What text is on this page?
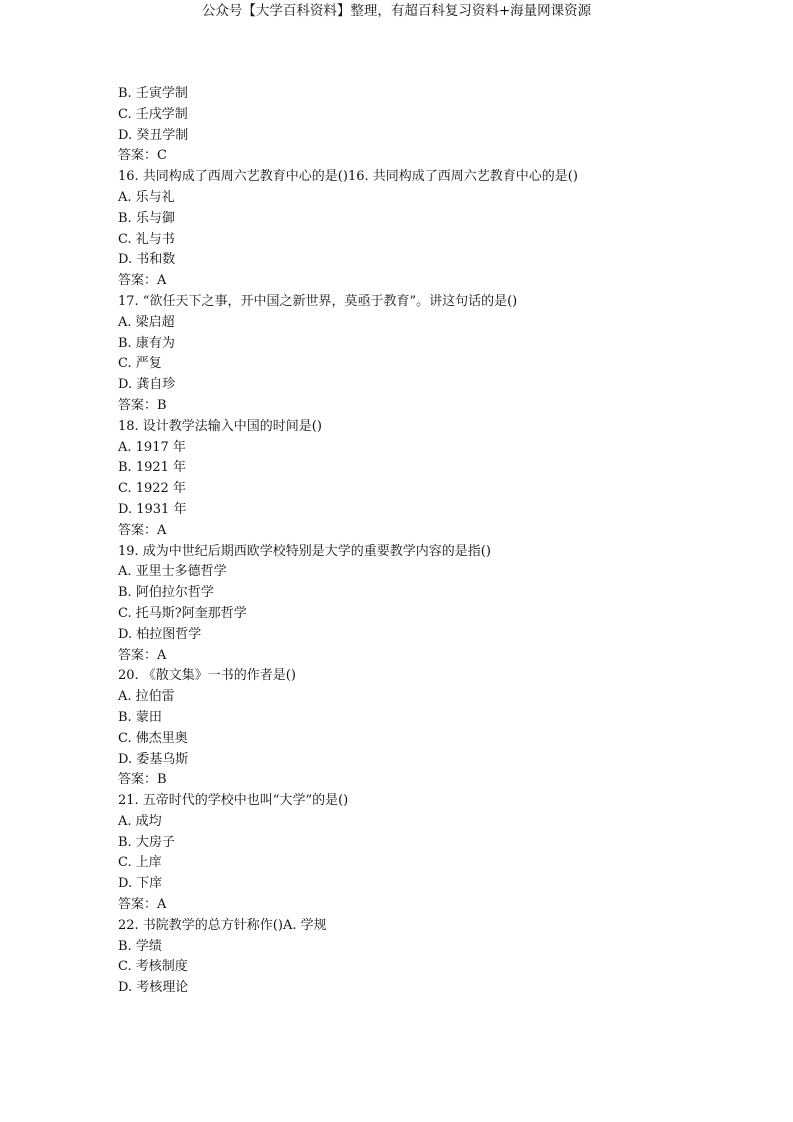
公众号【大学百科资料】整理，有超百科复习资料+海量网课资源
B. 壬寅学制
C. 壬戌学制
D. 癸丑学制
答案：C
16. 共同构成了西周六艺教育中心的是()16. 共同构成了西周六艺教育中心的是()
A. 乐与礼
B. 乐与御
C. 礼与书
D. 书和数
答案：A
17. “欲任天下之事，开中国之新世界，莫亟于教育”。讲这句话的是()
A. 梁启超
B. 康有为
C. 严复
D. 龚自珍
答案：B
18. 设计教学法输入中国的时间是()
A. 1917 年
B. 1921 年
C. 1922 年
D. 1931 年
答案：A
19. 成为中世纪后期西欧学校特别是大学的重要教学内容的是指()
A. 亚里士多德哲学
B. 阿伯拉尔哲学
C. 托马斯?阿奎那哲学
D. 柏拉图哲学
答案：A
20. 《散文集》一书的作者是()
A. 拉伯雷
B. 蒙田
C. 佛杰里奥
D. 委基乌斯
答案：B
21. 五帝时代的学校中也叫“大学”的是()
A. 成均
B. 大房子
C. 上庠
D. 下庠
答案：A
22. 书院教学的总方针称作()A. 学规
B. 学绩
C. 考核制度
D. 考核理论
